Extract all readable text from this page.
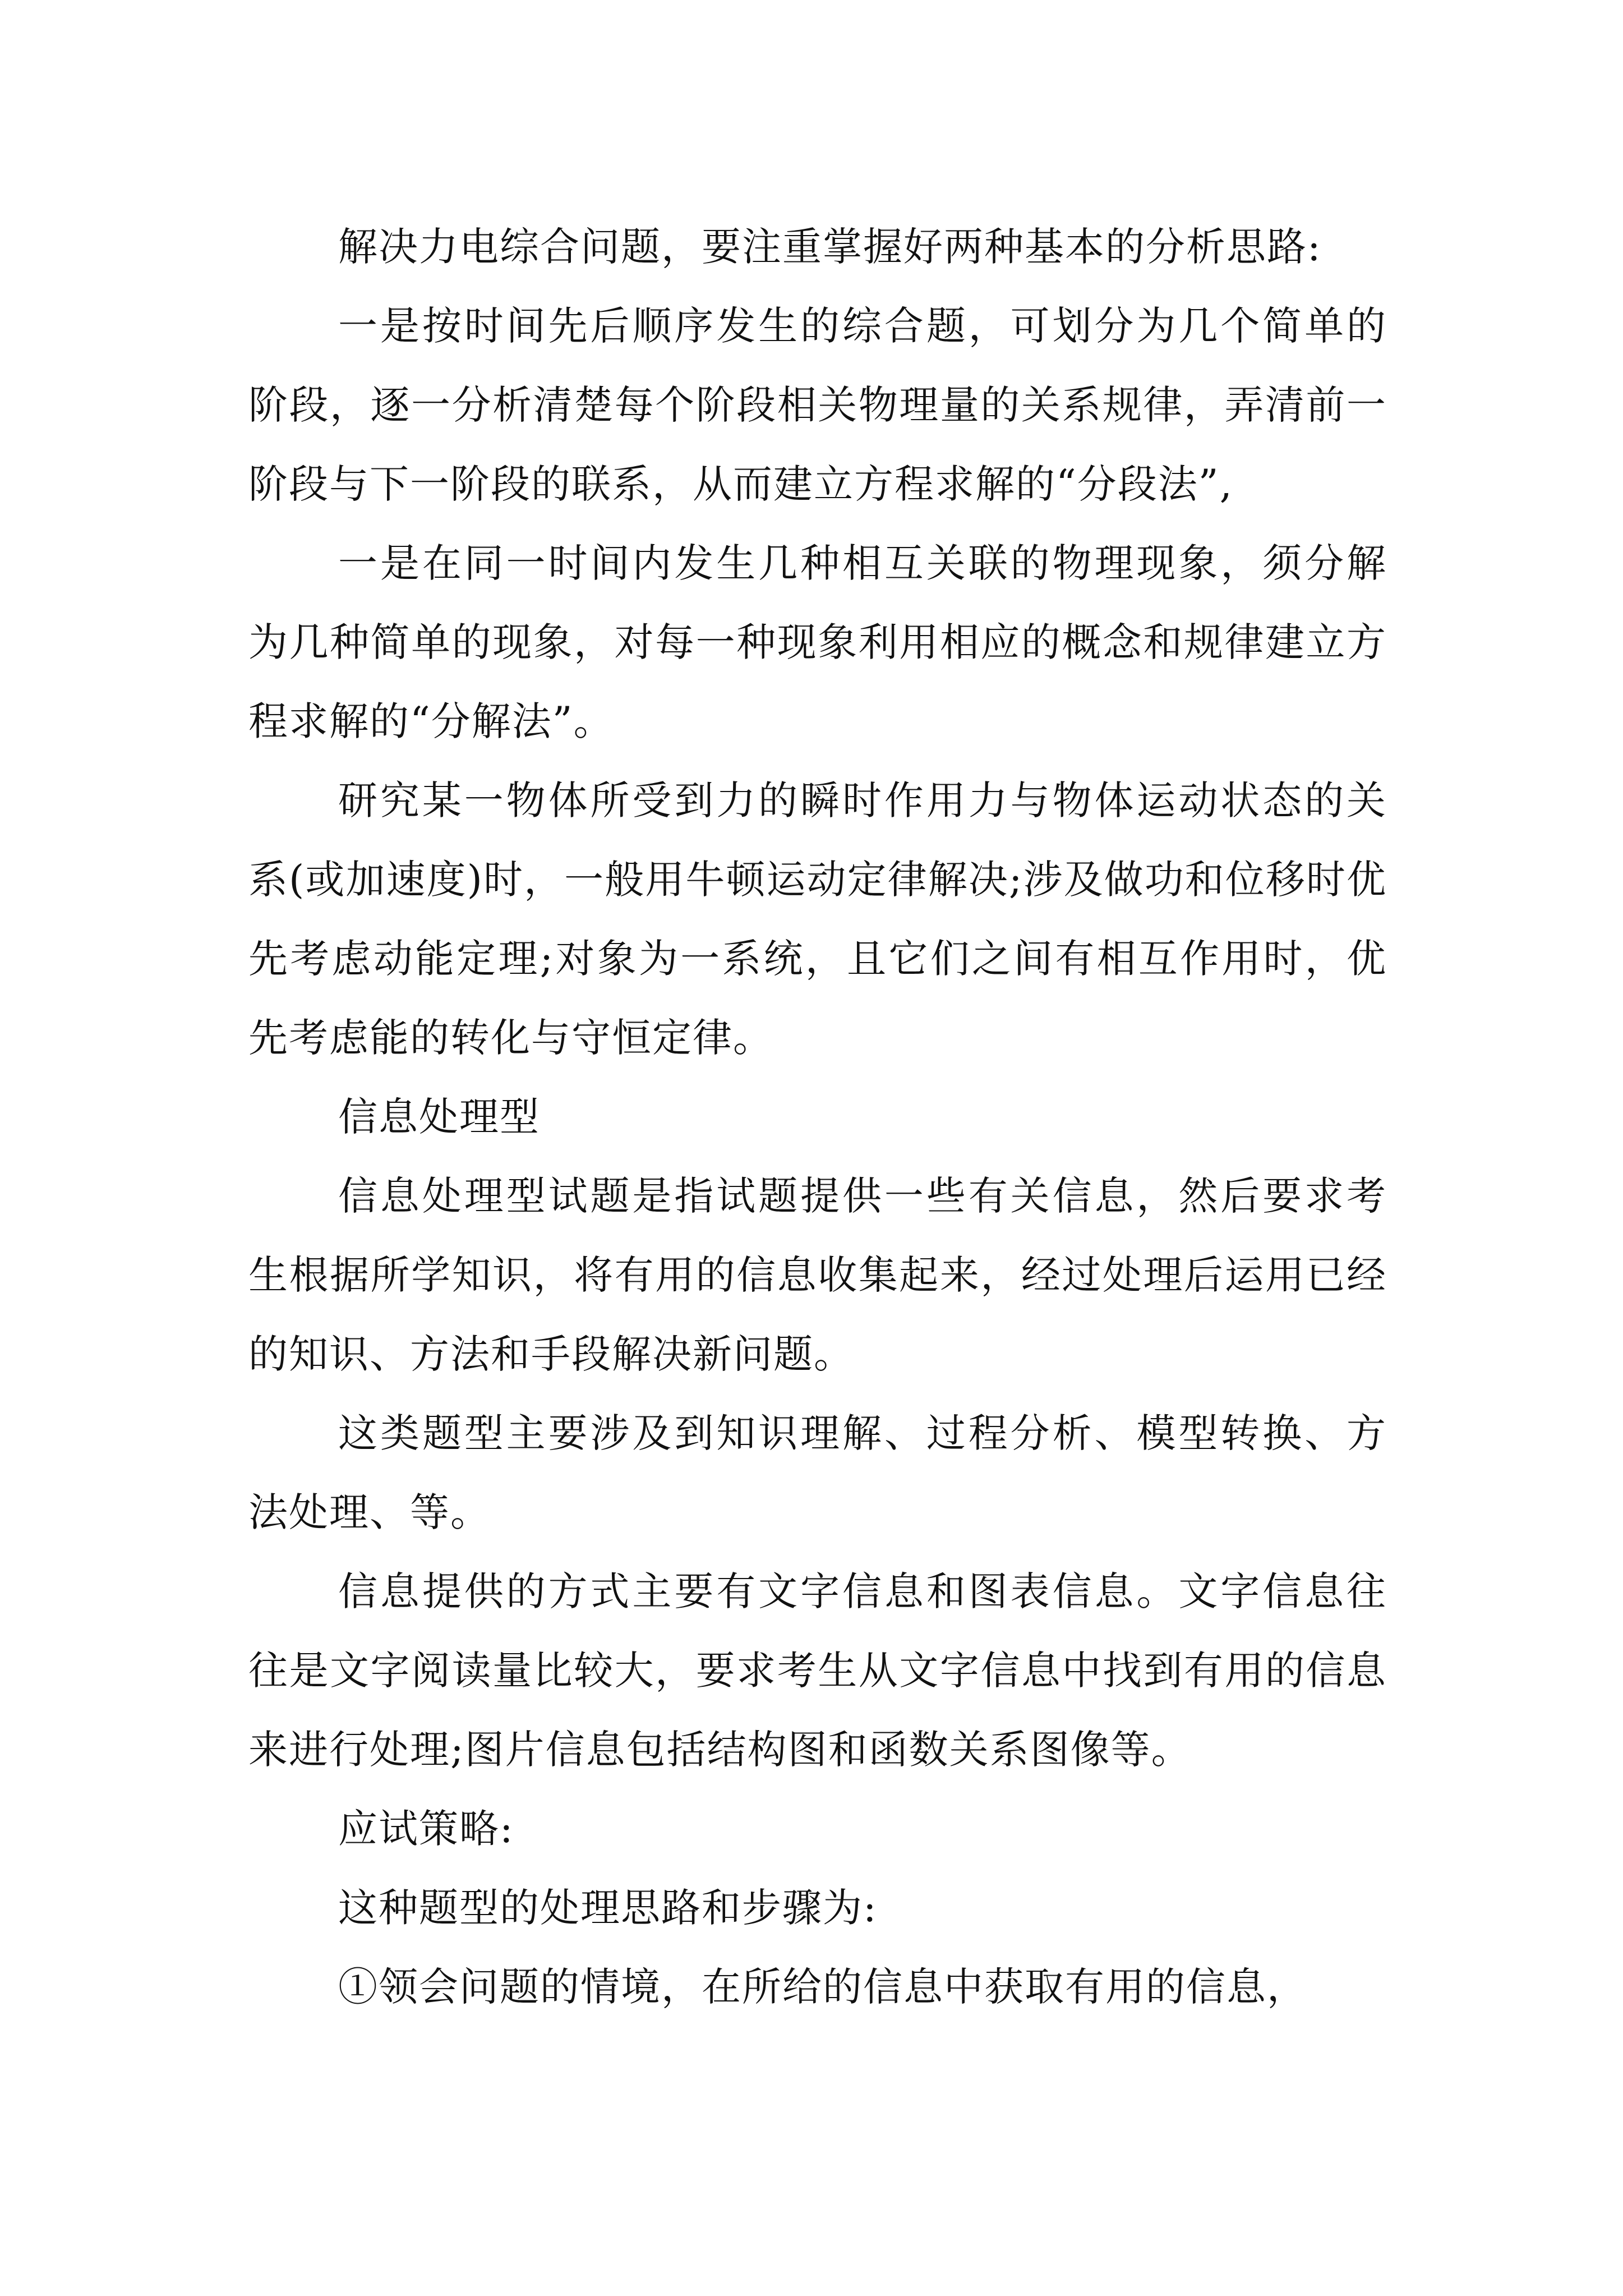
解决力电综合问题，要注重掌握好两种基本的分析思路:

一是按时间先后顺序发生的综合题，可划分为几个简单的阶段，逐一分析清楚每个阶段相关物理量的关系规律，弄清前一阶段与下一阶段的联系，从而建立方程求解的“分段法”,

一是在同一时间内发生几种相互关联的物理现象，须分解为几种简单的现象，对每一种现象利用相应的概念和规律建立方程求解的“分解法”。

研究某一物体所受到力的瞬时作用力与物体运动状态的关系(或加速度)时，一般用牛顿运动定律解决;涉及做功和位移时优先考虑动能定理;对象为一系统，且它们之间有相互作用时，优先考虑能的转化与守恒定律。

信息处理型

信息处理型试题是指试题提供一些有关信息，然后要求考生根据所学知识，将有用的信息收集起来，经过处理后运用已经的知识、方法和手段解决新问题。

这类题型主要涉及到知识理解、过程分析、模型转换、方法处理、等。

信息提供的方式主要有文字信息和图表信息。文字信息往往是文字阅读量比较大，要求考生从文字信息中找到有用的信息来进行处理;图片信息包括结构图和函数关系图像等。

应试策略:

这种题型的处理思路和步骤为:

①领会问题的情境，在所给的信息中获取有用的信息，
